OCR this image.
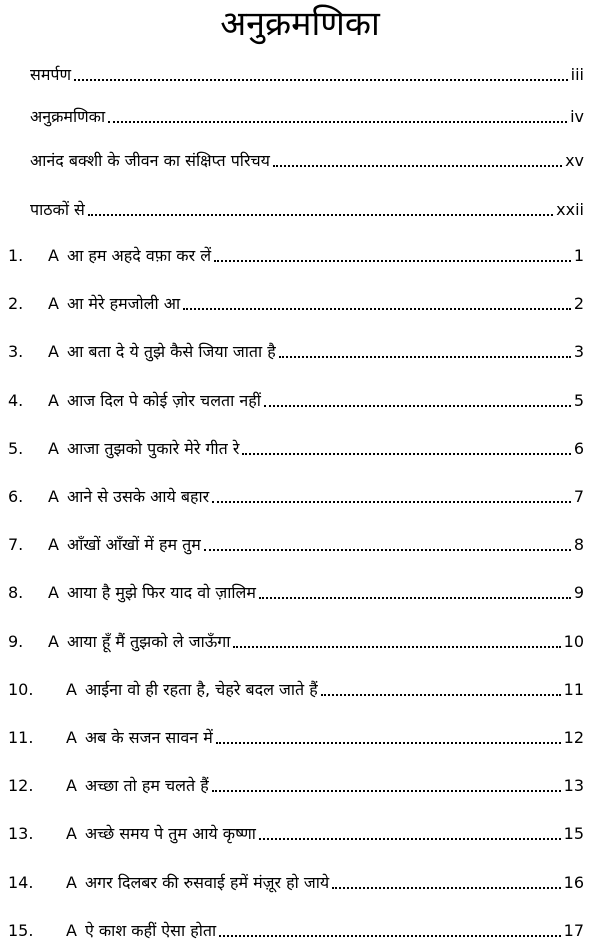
अनुक्रमणिका
समर्पण	iii
अनुक्रमणिका	iv
आनंद बक्शी के जीवन का संक्षिप्त परिचय	xv
पाठकों से	xxii
1.	A आ हम अहदे वफ़ा कर लें	1
2.	A आ मेरे हमजोली आ	2
3.	A आ बता दे ये तुझे कैसे जिया जाता है	3
4.	A आज दिल पे कोई ज़ोर चलता नहीं	5
5.	A आजा तुझको पुकारे मेरे गीत रे	6
6.	A आने से उसके आये बहार	7
7.	A आँखों आँखों में हम तुम	8
8.	A आया है मुझे फिर याद वो ज़ालिम	9
9.	A आया हूँ मैं तुझको ले जाऊँगा	10
10.	A आईना वो ही रहता है, चेहरे बदल जाते हैं	11
11.	A अब के सजन सावन में	12
12.	A अच्छा तो हम चलते हैं	13
13.	A अच्छे समय पे तुम आये कृष्णा	15
14.	A अगर दिलबर की रुसवाई हमें मंज़ूर हो जाये	16
15.	A ऐ काश कहीं ऐसा होता	17
